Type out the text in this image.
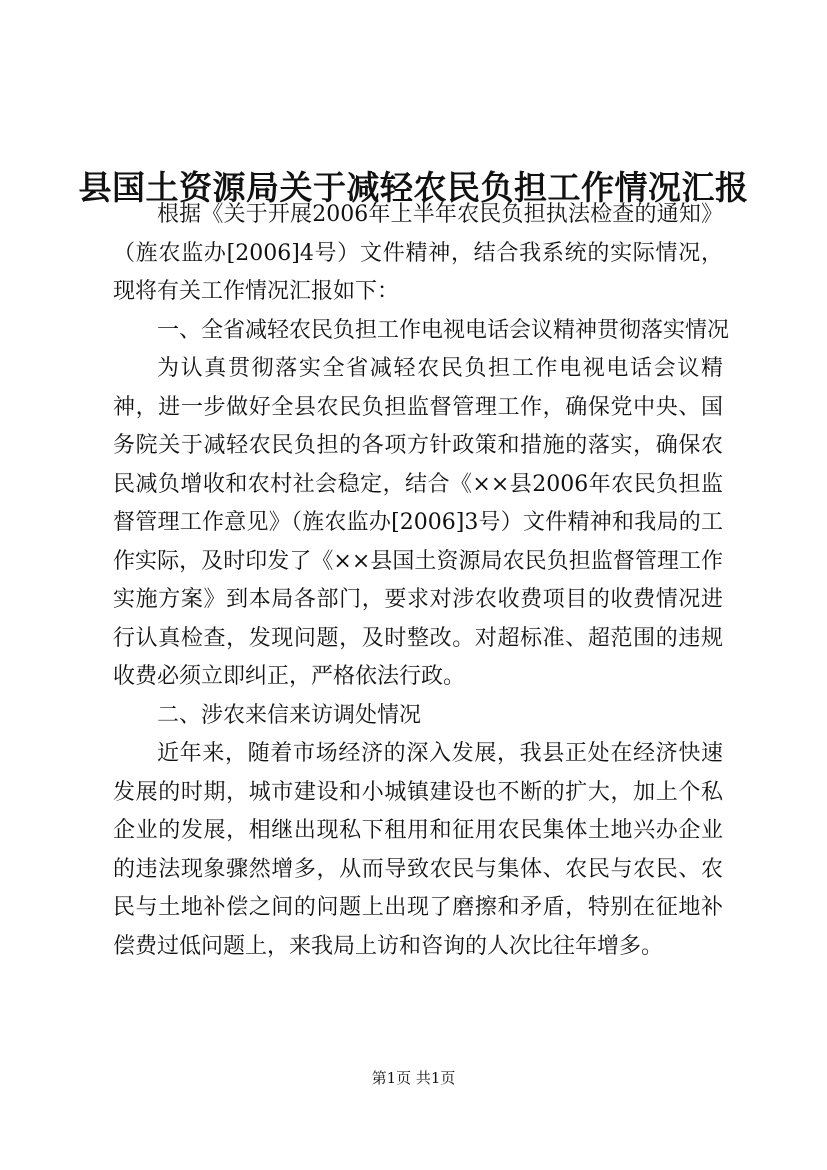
县国土资源局关于减轻农民负担工作情况汇报

根据《关于开展2006年上半年农民负担执法检查的通知》（旌农监办[2006]4号）文件精神，结合我系统的实际情况，现将有关工作情况汇报如下：

一、全省减轻农民负担工作电视电话会议精神贯彻落实情况

为认真贯彻落实全省减轻农民负担工作电视电话会议精神，进一步做好全县农民负担监督管理工作，确保党中央、国务院关于减轻农民负担的各项方针政策和措施的落实，确保农民减负增收和农村社会稳定，结合《××县2006年农民负担监督管理工作意见》（旌农监办[2006]3号）文件精神和我局的工作实际，及时印发了《××县国土资源局农民负担监督管理工作实施方案》到本局各部门，要求对涉农收费项目的收费情况进行认真检查，发现问题，及时整改。对超标准、超范围的违规收费必须立即纠正，严格依法行政。

二、涉农来信来访调处情况

近年来，随着市场经济的深入发展，我县正处在经济快速发展的时期，城市建设和小城镇建设也不断的扩大，加上个私企业的发展，相继出现私下租用和征用农民集体土地兴办企业的违法现象骤然增多，从而导致农民与集体、农民与农民、农民与土地补偿之间的问题上出现了磨擦和矛盾，特别在征地补偿费过低问题上，来我局上访和咨询的人次比往年增多。

第1页 共1页
